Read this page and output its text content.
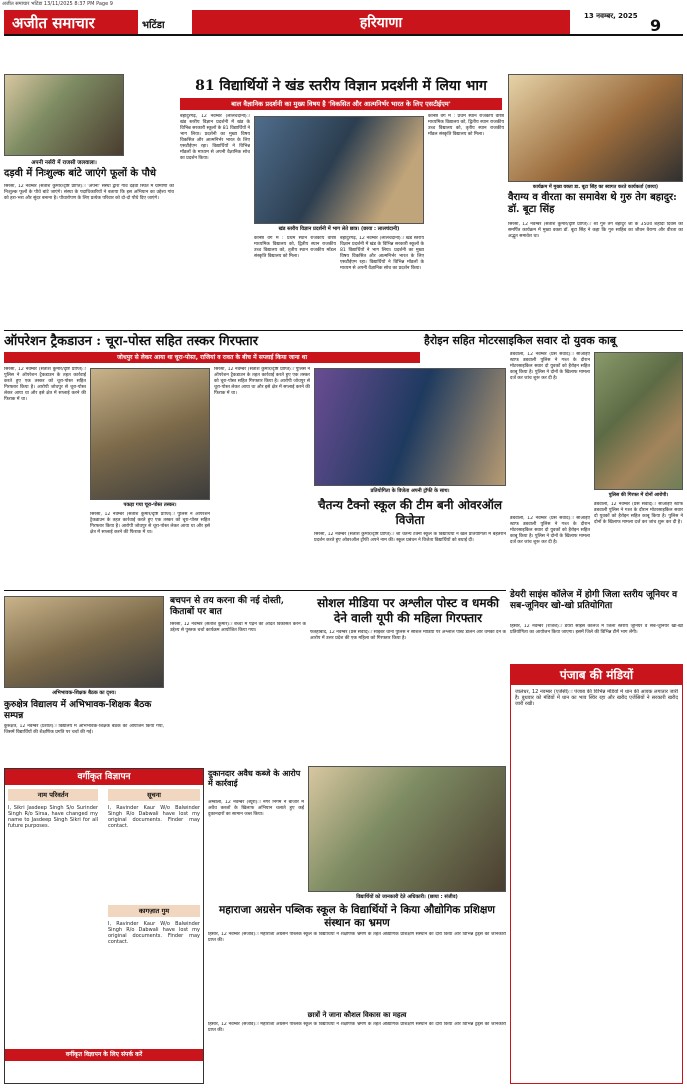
अजीत समाचार भटिंडा 13/11/2025 8:37 PM Page 9
अजीत समाचार	भटिंडा	हरियाणा	13 नवम्बर, 2025 9
अपनी नर्सरी में राजसी जलवाला।
दड़वी में निःशुल्क बांटे जाएंगे फूलों के पौधे
सिरसा, 12 नवम्बर (सतीश कुमार/दृष्टि प्राप्ति)ः 'अपनी' संस्था द्वारा गांव दड़वी स्थित में ग्रामीणों को निःशुल्क फूलों के पौधे बांटे जाएंगे। संस्था के पदाधिकारियों ने बताया कि इस अभियान का उद्देश्य गांव को हरा-भरा और सुंदर बनाना है। पौधारोपण के लिए प्रत्येक परिवार को दो-दो पौधे दिए जाएंगे।
81 विद्यार्थियों ने खंड स्तरीय विज्ञान प्रदर्शनी में लिया भाग
बाल वैज्ञानिक प्रदर्शनी का मुख्य विषय है 'विकसित और आत्मनिर्भर भारत के लिए एसटीईएम'
बहादुरगढ़, 12 नवम्बर (लालचंदानी)ः खंड स्तरीय विज्ञान प्रदर्शनी में खंड के विभिन्न सरकारी स्कूलों के 81 विद्यार्थियों ने भाग लिया। प्रदर्शनी का मुख्य विषय विकसित और आत्मनिर्भर भारत के लिए एसटीईएम रहा। विद्यार्थियों ने विभिन्न मॉडलों के माध्यम से अपनी वैज्ञानिक सोच का प्रदर्शन किया।
खंड स्तरीय विज्ञान प्रदर्शनी में भाग लेते छात्र। (छाया : लालचंदानी)
कनिष्ठ वर्ग में : प्रथम स्थान राजकीय वरिष्ठ माध्यमिक विद्यालय को, द्वितीय स्थान राजकीय उच्च विद्यालय को, तृतीय स्थान राजकीय मॉडल संस्कृति विद्यालय को मिला।
बहादुरगढ़, 12 नवम्बर (लालचंदानी)ः खंड स्तरीय विज्ञान प्रदर्शनी में खंड के विभिन्न सरकारी स्कूलों के 81 विद्यार्थियों ने भाग लिया। प्रदर्शनी का मुख्य विषय विकसित और आत्मनिर्भर भारत के लिए एसटीईएम रहा। विद्यार्थियों ने विभिन्न मॉडलों के माध्यम से अपनी वैज्ञानिक सोच का प्रदर्शन किया।
कनिष्ठ वर्ग में : प्रथम स्थान राजकीय वरिष्ठ माध्यमिक विद्यालय को, द्वितीय स्थान राजकीय उच्च विद्यालय को, तृतीय स्थान राजकीय मॉडल संस्कृति विद्यालय को मिला।
कार्यक्रम में मुख्य वक्ता डा. बूटा सिंह का स्वागत करते कार्यकर्ता (छाया)
वैराग्य व वीरता का समावेश थे गुरु तेग बहादुर: डॉ. बूटा सिंह
सिरसा, 12 नवम्बर (सतीश कुमार/दृष्टि प्राप्ति)ः श्री गुरु तेग बहादुर जी के 350वें शहीदी दिवस को समर्पित कार्यक्रम में मुख्य वक्ता डॉ. बूटा सिंह ने कहा कि गुरु साहिब का जीवन वैराग्य और वीरता का अद्भुत समावेश था।
ऑपरेशन ट्रैकडाउन : चूरा-पोस्त सहित तस्कर गिरफ्तार
जोधपुर से लेकर आया था चूरा-पोस्त, राजियां व रावत के बीच में सप्लाई किया जाना था
सिरसा, 12 नवम्बर (सतीश कुमार/दृष्टि प्राप्ति)ः पुलिस ने ऑपरेशन ट्रैकडाउन के तहत कार्रवाई करते हुए एक तस्कर को चूरा-पोस्त सहित गिरफ्तार किया है। आरोपी जोधपुर से चूरा-पोस्त लेकर आया था और इसे क्षेत्र में सप्लाई करने की फिराक में था।
पकड़ा गया चूरा-पोस्त तस्कर।
सिरसा, 12 नवम्बर (सतीश कुमार/दृष्टि प्राप्ति)ः पुलिस ने ऑपरेशन ट्रैकडाउन के तहत कार्रवाई करते हुए एक तस्कर को चूरा-पोस्त सहित गिरफ्तार किया है। आरोपी जोधपुर से चूरा-पोस्त लेकर आया था और इसे क्षेत्र में सप्लाई करने की फिराक में था।
सिरसा, 12 नवम्बर (सतीश कुमार/दृष्टि प्राप्ति)ः पुलिस ने ऑपरेशन ट्रैकडाउन के तहत कार्रवाई करते हुए एक तस्कर को चूरा-पोस्त सहित गिरफ्तार किया है। आरोपी जोधपुर से चूरा-पोस्त लेकर आया था और इसे क्षेत्र में सप्लाई करने की फिराक में था।
प्रतियोगिता के विजेता अपनी ट्रॉफी के साथ।
चैतन्य टैक्नो स्कूल की टीम बनी ओवरऑल विजेता
सिरसा, 12 नवम्बर (सतीश कुमार/दृष्टि प्राप्ति)ः श्री चैतन्य टैक्नो स्कूल के विद्यार्थियों ने खेल प्रतियोगिता में बेहतरीन प्रदर्शन करते हुए ओवरऑल ट्रॉफी अपने नाम की। स्कूल प्रबंधन ने विजेता विद्यार्थियों को बधाई दी।
हैरोइन सहित मोटरसाइकिल सवार दो युवक काबू
डबवाली, 12 नवम्बर (प्रेस संवाद)ः सीआईए स्टाफ डबवाली पुलिस ने गश्त के दौरान मोटरसाइकिल सवार दो युवकों को हैरोइन सहित काबू किया है। पुलिस ने दोनों के खिलाफ मामला दर्ज कर जांच शुरू कर दी है।
पुलिस की गिरफ्त में दोनों आरोपी।
डबवाली, 12 नवम्बर (प्रेस संवाद)ः सीआईए स्टाफ डबवाली पुलिस ने गश्त के दौरान मोटरसाइकिल सवार दो युवकों को हैरोइन सहित काबू किया है। पुलिस ने दोनों के खिलाफ मामला दर्ज कर जांच शुरू कर दी है।
डबवाली, 12 नवम्बर (प्रेस संवाद)ः सीआईए स्टाफ डबवाली पुलिस ने गश्त के दौरान मोटरसाइकिल सवार दो युवकों को हैरोइन सहित काबू किया है। पुलिस ने दोनों के खिलाफ मामला दर्ज कर जांच शुरू कर दी है।
डेयरी साइंस कॉलेज में होगी जिला स्तरीय जूनियर व सब-जूनियर खो-खो प्रतियोगिता
हिसार, 12 नवम्बर (राजेश)ः डेयरी साइंस कॉलेज में जिला स्तरीय जूनियर व सब-जूनियर खो-खो प्रतियोगिता का आयोजन किया जाएगा। इसमें जिले की विभिन्न टीमें भाग लेंगी।
बचपन से तय करना की नई दोस्ती, किताबों पर बात
सिरसा, 12 नवम्बर (सतीश कुमार)ः बच्चों में पढ़ने की आदत विकसित करने के उद्देश्य से पुस्तक चर्चा कार्यक्रम आयोजित किया गया।
अभिभावक-शिक्षक बैठक का दृश्य।
कुरुक्षेत्र विद्यालय में अभिभावक-शिक्षक बैठक सम्पन्न
कुरुक्षेत्र, 12 नवम्बर (प्रशांत)ः विद्यालय में अभिभावक-शिक्षक बैठक का आयोजन किया गया, जिसमें विद्यार्थियों की शैक्षणिक प्रगति पर चर्चा की गई।
सोशल मीडिया पर अश्लील पोस्ट व धमकी देने वाली यूपी की महिला गिरफ्तार
फतेहाबाद, 12 नवम्बर (प्रेस संवाद)ः साइबर थाना पुलिस ने सोशल मीडिया पर अश्लील पोस्ट डालने और धमकी देने के आरोप में उत्तर प्रदेश की एक महिला को गिरफ्तार किया है।
वर्गीकृत विज्ञापन
नाम परिवर्तन	सूचना
I, Sikri Jasdeep Singh S/o Surinder Singh R/o Sirsa, have changed my name to Jasdeep Singh Sikri for all future purposes.
I, Ravinder Kaur W/o Balwinder Singh R/o Dabwali have lost my original documents. Finder may contact.
कागज़ात गुम
I, Ravinder Kaur W/o Balwinder Singh R/o Dabwali have lost my original documents. Finder may contact.
वर्गीकृत विज्ञापन के लिए संपर्क करें
दुकानदार अवैध कब्जे के आरोप में कार्रवाई
अम्बाला, 12 नवम्बर (ब्यूरो)ः नगर निगम ने बाजार में अवैध कब्जों के खिलाफ अभियान चलाते हुए कई दुकानदारों का सामान जब्त किया।
विद्यार्थियों को जानकारी देते अधिकारी। (छाया : संजीव)
महाराजा अग्रसेन पब्लिक स्कूल के विद्यार्थियों ने किया औद्योगिक प्रशिक्षण संस्थान का भ्रमण
हिसार, 12 नवम्बर (संजीव)ः महाराजा अग्रसेन पब्लिक स्कूल के विद्यार्थियों ने शैक्षणिक भ्रमण के तहत औद्योगिक प्रशिक्षण संस्थान का दौरा किया और विभिन्न ट्रेड्स की जानकारी प्राप्त की।
छात्रों ने जाना कौशल विकास का महत्व
हिसार, 12 नवम्बर (संजीव)ः महाराजा अग्रसेन पब्लिक स्कूल के विद्यार्थियों ने शैक्षणिक भ्रमण के तहत औद्योगिक प्रशिक्षण संस्थान का दौरा किया और विभिन्न ट्रेड्स की जानकारी प्राप्त की।
पंजाब की मंडियों
जालंधर, 12 नवम्बर (एजेंसी)ः पंजाब की विभिन्न मंडियों में धान की आवक लगातार जारी है। बुधवार को मंडियों में धान का भाव स्थिर रहा और खरीद एजेंसियों ने सरकारी खरीद जारी रखी।
